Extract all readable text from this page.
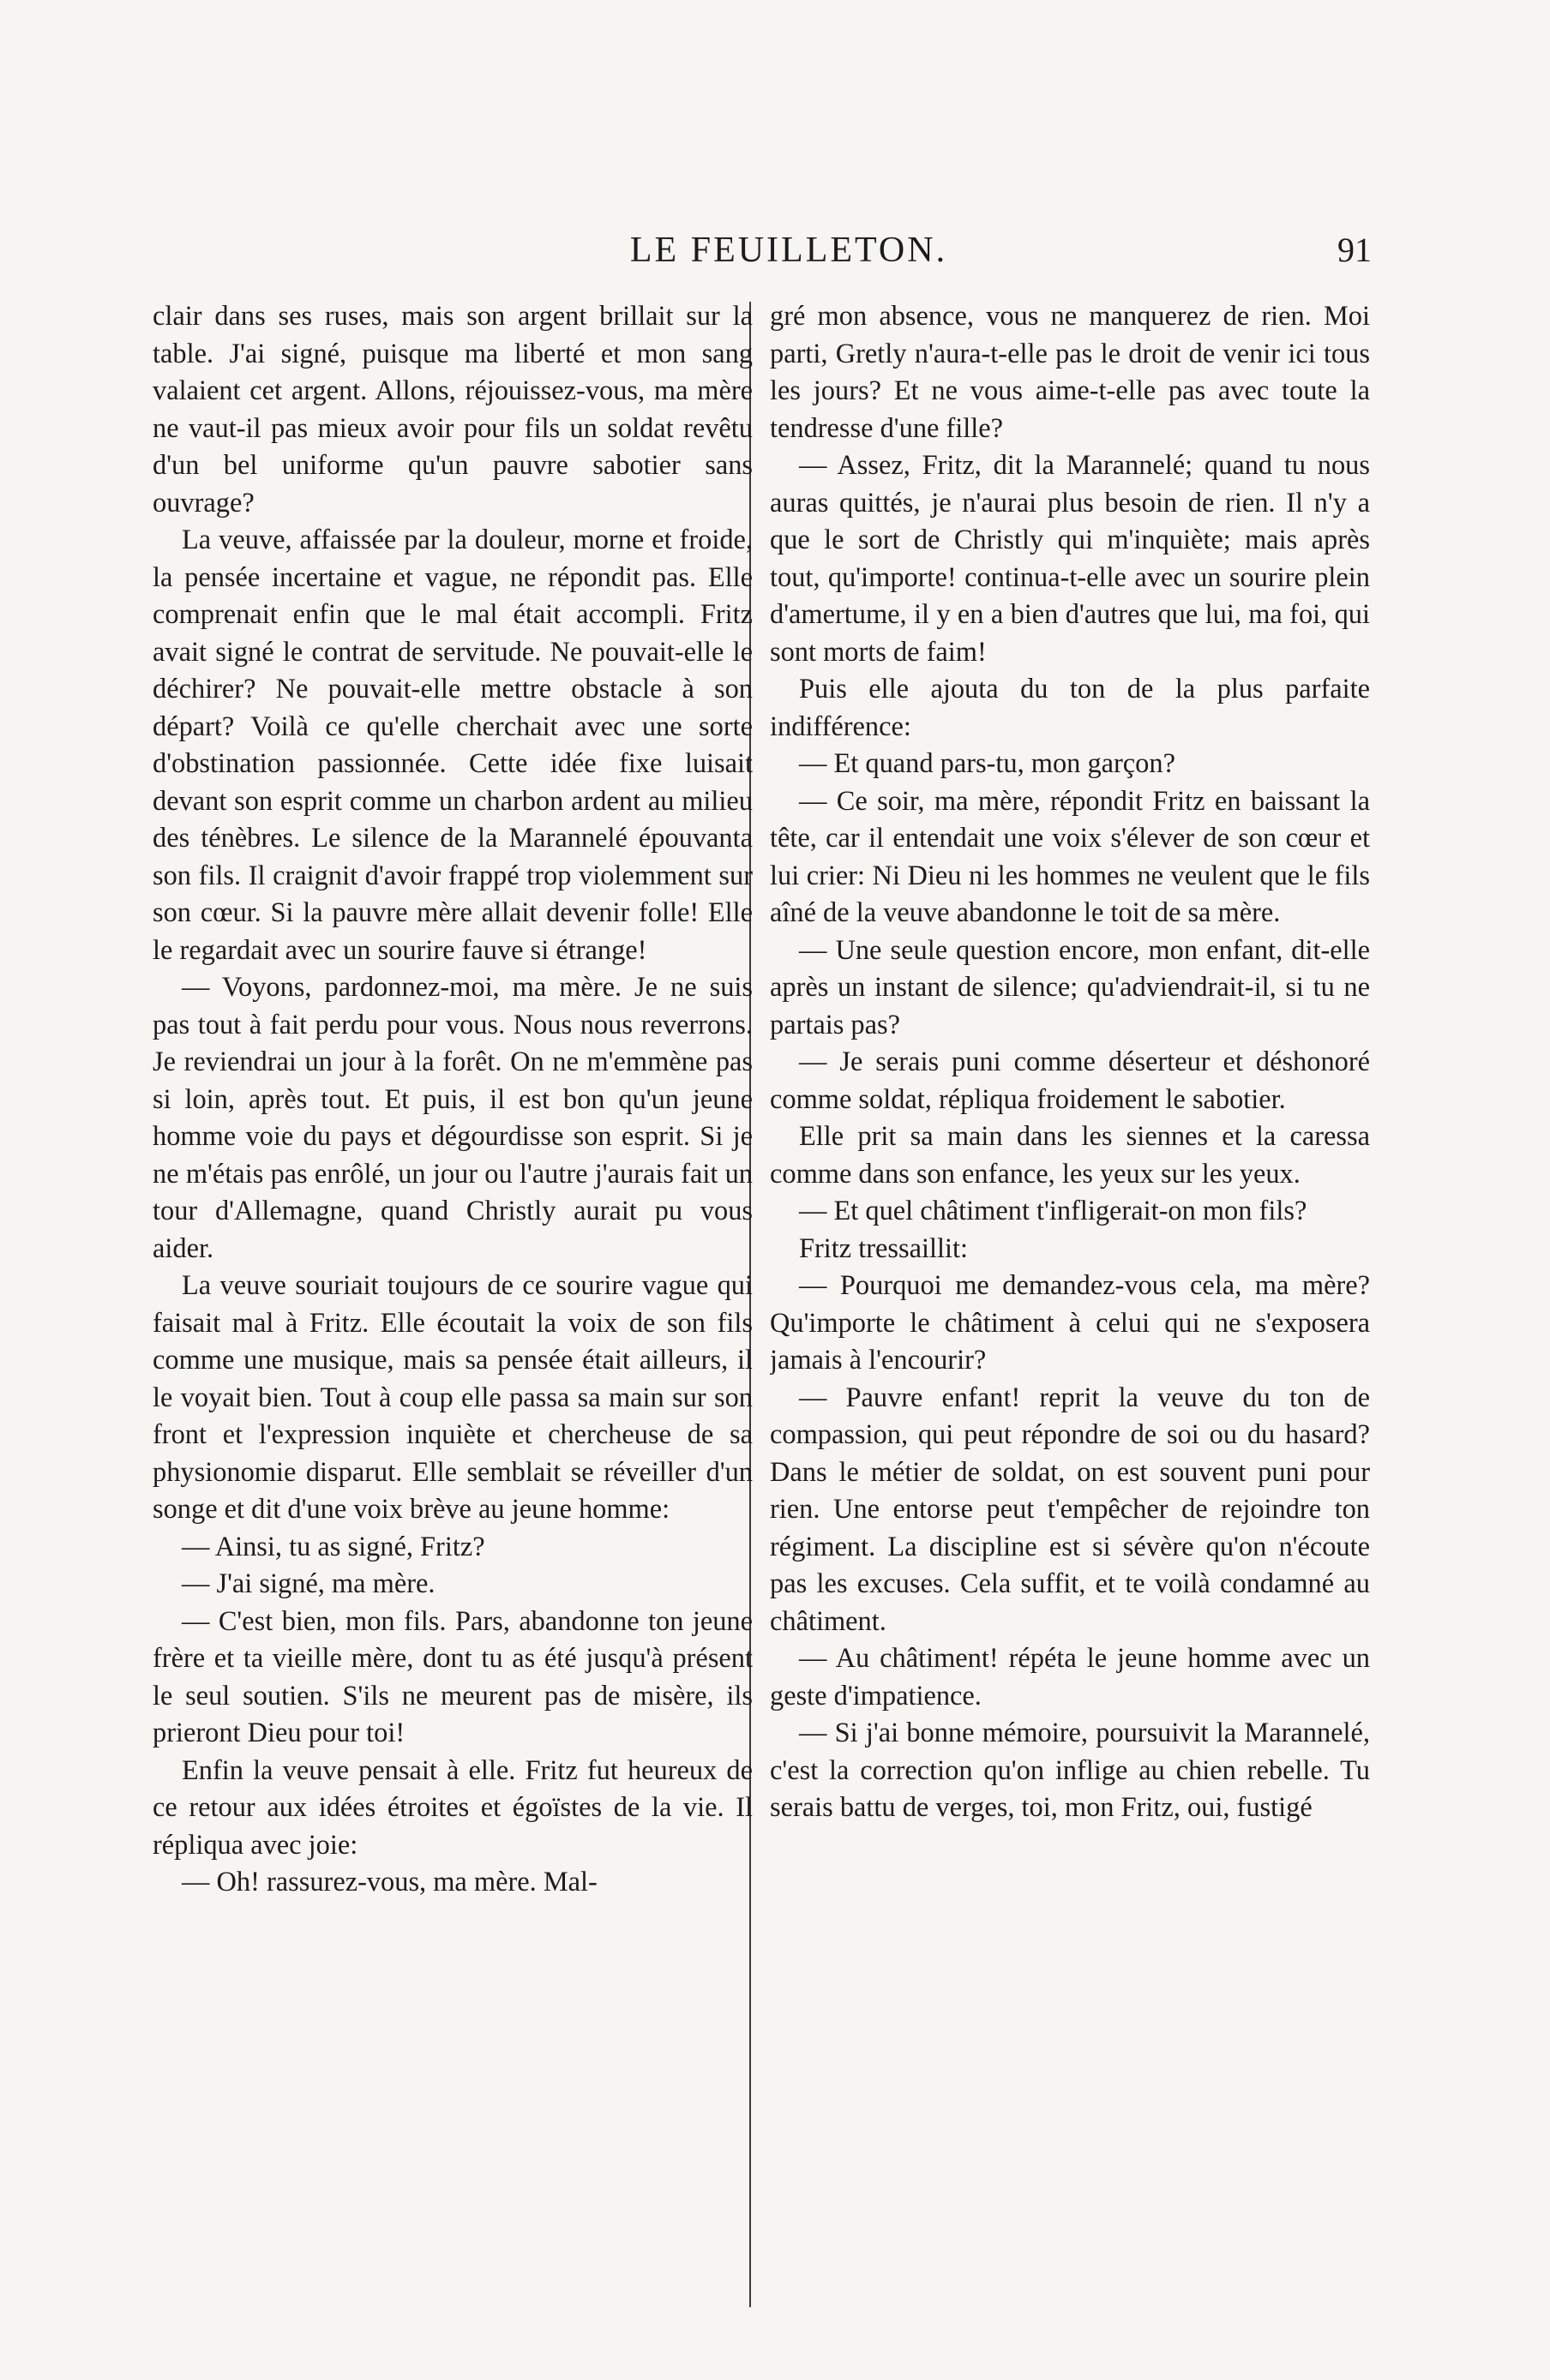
LE FEUILLETON.	91

clair dans ses ruses, mais son argent brillait sur la table. J'ai signé, puisque ma liberté et mon sang valaient cet argent. Allons, réjouissez-vous, ma mère ne vaut-il pas mieux avoir pour fils un soldat revêtu d'un bel uniforme qu'un pauvre sabotier sans ouvrage?

La veuve, affaissée par la douleur, morne et froide, la pensée incertaine et vague, ne répondit pas. Elle comprenait enfin que le mal était accompli. Fritz avait signé le contrat de servitude. Ne pouvait-elle le déchirer? Ne pouvait-elle mettre obstacle à son départ? Voilà ce qu'elle cherchait avec une sorte d'obstination passionnée. Cette idée fixe luisait devant son esprit comme un charbon ardent au milieu des ténèbres. Le silence de la Marannelé épouvanta son fils. Il craignit d'avoir frappé trop violemment sur son cœur. Si la pauvre mère allait devenir folle! Elle le regardait avec un sourire fauve si étrange!

— Voyons, pardonnez-moi, ma mère. Je ne suis pas tout à fait perdu pour vous. Nous nous reverrons. Je reviendrai un jour à la forêt. On ne m'emmène pas si loin, après tout. Et puis, il est bon qu'un jeune homme voie du pays et dégourdisse son esprit. Si je ne m'étais pas enrôlé, un jour ou l'autre j'aurais fait un tour d'Allemagne, quand Christly aurait pu vous aider.

La veuve souriait toujours de ce sourire vague qui faisait mal à Fritz. Elle écoutait la voix de son fils comme une musique, mais sa pensée était ailleurs, il le voyait bien. Tout à coup elle passa sa main sur son front et l'expression inquiète et chercheuse de sa physionomie disparut. Elle semblait se réveiller d'un songe et dit d'une voix brève au jeune homme:

— Ainsi, tu as signé, Fritz?

— J'ai signé, ma mère.

— C'est bien, mon fils. Pars, abandonne ton jeune frère et ta vieille mère, dont tu as été jusqu'à présent le seul soutien. S'ils ne meurent pas de misère, ils prieront Dieu pour toi!

Enfin la veuve pensait à elle. Fritz fut heureux de ce retour aux idées étroites et égoïstes de la vie. Il répliqua avec joie:

— Oh! rassurez-vous, ma mère. Mal-

gré mon absence, vous ne manquerez de rien. Moi parti, Gretly n'aura-t-elle pas le droit de venir ici tous les jours? Et ne vous aime-t-elle pas avec toute la tendresse d'une fille?

— Assez, Fritz, dit la Marannelé; quand tu nous auras quittés, je n'aurai plus besoin de rien. Il n'y a que le sort de Christly qui m'inquiète; mais après tout, qu'importe! continua-t-elle avec un sourire plein d'amertume, il y en a bien d'autres que lui, ma foi, qui sont morts de faim!

Puis elle ajouta du ton de la plus parfaite indifférence:

— Et quand pars-tu, mon garçon?

— Ce soir, ma mère, répondit Fritz en baissant la tête, car il entendait une voix s'élever de son cœur et lui crier: Ni Dieu ni les hommes ne veulent que le fils aîné de la veuve abandonne le toit de sa mère.

— Une seule question encore, mon enfant, dit-elle après un instant de silence; qu'adviendrait-il, si tu ne partais pas?

— Je serais puni comme déserteur et déshonoré comme soldat, répliqua froidement le sabotier.

Elle prit sa main dans les siennes et la caressa comme dans son enfance, les yeux sur les yeux.

— Et quel châtiment t'infligerait-on mon fils?

Fritz tressaillit:

— Pourquoi me demandez-vous cela, ma mère? Qu'importe le châtiment à celui qui ne s'exposera jamais à l'encourir?

— Pauvre enfant! reprit la veuve du ton de compassion, qui peut répondre de soi ou du hasard? Dans le métier de soldat, on est souvent puni pour rien. Une entorse peut t'empêcher de rejoindre ton régiment. La discipline est si sévère qu'on n'écoute pas les excuses. Cela suffit, et te voilà condamné au châtiment.

— Au châtiment! répéta le jeune homme avec un geste d'impatience.

— Si j'ai bonne mémoire, poursuivit la Marannelé, c'est la correction qu'on inflige au chien rebelle. Tu serais battu de verges, toi, mon Fritz, oui, fustigé
